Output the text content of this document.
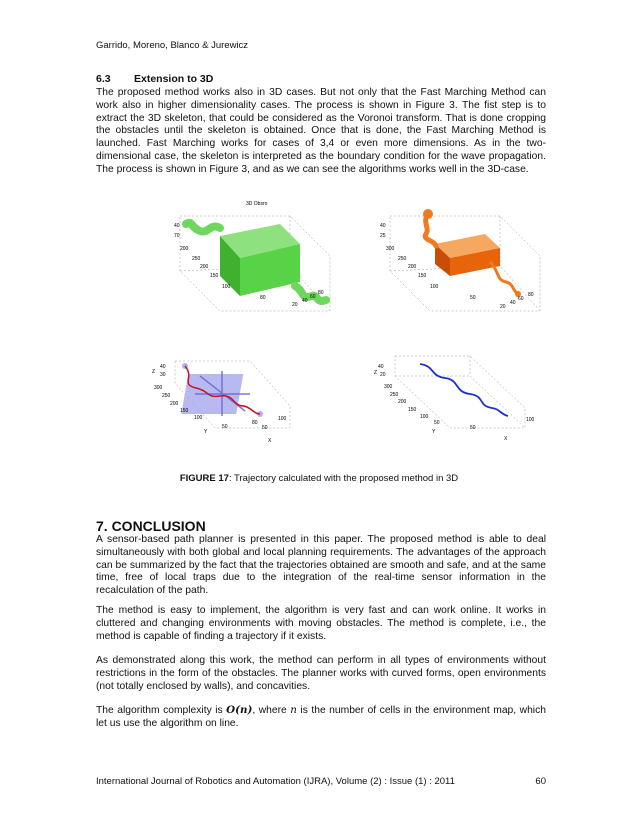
Garrido, Moreno, Blanco & Jurewicz
6.3 Extension to 3D

The proposed method works also in 3D cases. But not only that the Fast Marching Method can work also in higher dimensionality cases. The process is shown in Figure 3. The fist step is to extract the 3D skeleton, that could be considered as the Voronoi transform. That is done cropping the obstacles until the skeleton is obtained. Once that is done, the Fast Marching Method is launched. Fast Marching works for cases of 3,4 or even more dimensions. As in the two-dimensional case, the skeleton is interpreted as the boundary condition for the wave propagation. The process is shown in Figure 3, and as we can see the algorithms works well in the 3D-case.

3D Obsro
40
70
200
250
200
150
100
80
20
40
60
80
40
25
300
250
200
150
100
50
40
60
80
20
40
30
300
250
200
150
100
50
80
100
50
Y
X
Z
40
20
300
250
200
150
100
50
50
100
Y
X
Z
FIGURE 17: Trajectory calculated with the proposed method in 3D
7. CONCLUSION

A sensor-based path planner is presented in this paper. The proposed method is able to deal simultaneously with both global and local planning requirements. The advantages of the approach can be summarized by the fact that the trajectories obtained are smooth and safe, and at the same time, free of local traps due to the integration of the real-time sensor information in the recalculation of the path.

The method is easy to implement, the algorithm is very fast and can work online. It works in cluttered and changing environments with moving obstacles. The method is complete, i.e., the method is capable of finding a trajectory if it exists.

As demonstrated along this work, the method can perform in all types of environments without restrictions in the form of the obstacles. The planner works with curved forms, open environments (not totally enclosed by walls), and concavities.

The algorithm complexity is O(n), where n is the number of cells in the environment map, which let us use the algorithm on line.

International Journal of Robotics and Automation (IJRA), Volume (2) : Issue (1) : 2011	60
